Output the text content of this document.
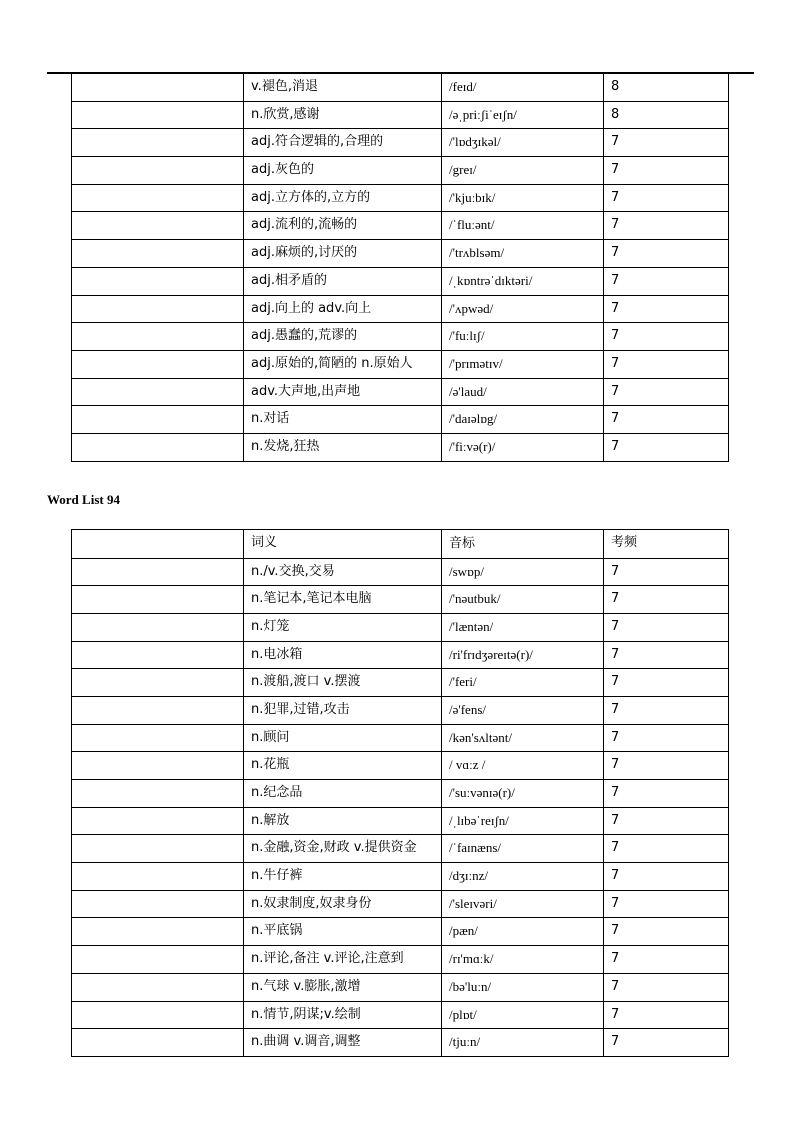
	v.褪色,消退	/feɪd/	8

	n.欣赏,感谢	/əˌpriːʃiˈeɪʃn/	8

	adj.符合逻辑的,合理的	/'lɒdʒɪkəl/	7

	adj.灰色的	/greɪ/	7

	adj.立方体的,立方的	/'kjuːbɪk/	7

	adj.流利的,流畅的	/ˈfluːənt/	7

	adj.麻烦的,讨厌的	/'trʌblsəm/	7

	adj.相矛盾的	/ˌkɒntrəˈdɪktəri/	7

	adj.向上的 adv.向上	/'ʌpwəd/	7

	adj.愚蠢的,荒谬的	/'fuːlɪʃ/	7

	adj.原始的,简陋的 n.原始人	/'prɪmətɪv/	7

	adv.大声地,出声地	/ə'laud/	7

	n.对话	/'daɪəlɒg/	7

	n.发烧,狂热	/'fiːvə(r)/	7
Word List 94

	词义	音标	考频

	n./v.交换,交易	/swɒp/	7

	n.笔记本,笔记本电脑	/'nəutbuk/	7

	n.灯笼	/'læntən/	7

	n.电冰箱	/ri'frɪdʒəreɪtə(r)/	7

	n.渡船,渡口 v.摆渡	/'feri/	7

	n.犯罪,过错,攻击	/ə'fens/	7

	n.顾问	/kən'sʌltənt/	7

	n.花瓶	/ vɑːz /	7

	n.纪念品	/'suːvənɪə(r)/	7

	n.解放	/ˌlɪbəˈreɪʃn/	7

	n.金融,资金,财政 v.提供资金	/ˈfaɪnæns/	7

	n.牛仔裤	/dʒɪːnz/	7

	n.奴隶制度,奴隶身份	/'sleɪvəri/	7

	n.平底锅	/pæn/	7

	n.评论,备注 v.评论,注意到	/rɪ'mɑːk/	7

	n.气球 v.膨胀,激增	/bə'luːn/	7

	n.情节,阴谋;v.绘制	/plɒt/	7

	n.曲调 v.调音,调整	/tjuːn/	7
